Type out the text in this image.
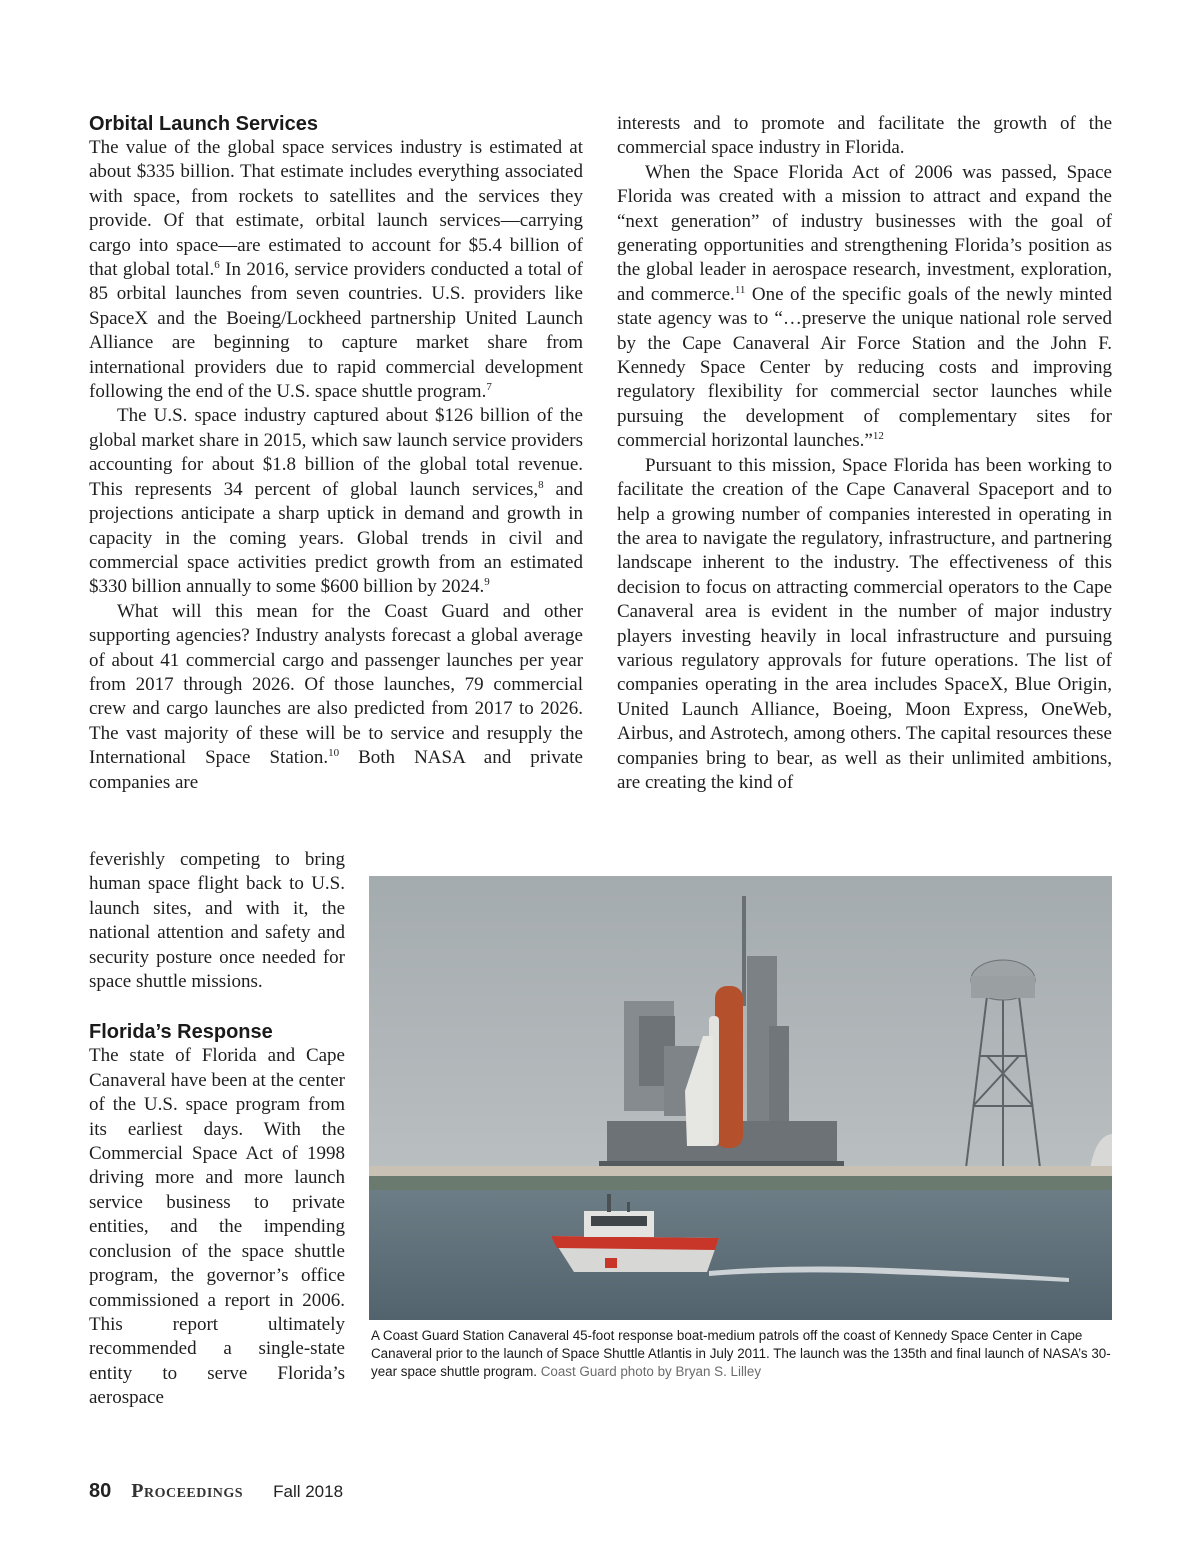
Orbital Launch Services

The value of the global space services industry is estimated at about $335 billion. That estimate includes everything associated with space, from rockets to satellites and the services they provide. Of that estimate, orbital launch services—carrying cargo into space—are estimated to account for $5.4 billion of that global total.$^6$ In 2016, service providers conducted a total of 85 orbital launches from seven countries. U.S. providers like SpaceX and the Boeing/Lockheed partnership United Launch Alliance are beginning to capture market share from international providers due to rapid commercial development following the end of the U.S. space shuttle program.$^7$

The U.S. space industry captured about $126 billion of the global market share in 2015, which saw launch service providers accounting for about $1.8 billion of the global total revenue. This represents 34 percent of global launch services,$^8$ and projections anticipate a sharp uptick in demand and growth in capacity in the coming years. Global trends in civil and commercial space activities predict growth from an estimated $330 billion annually to some $600 billion by 2024.$^9$

What will this mean for the Coast Guard and other supporting agencies? Industry analysts forecast a global average of about 41 commercial cargo and passenger launches per year from 2017 through 2026. Of those launches, 79 commercial crew and cargo launches are also predicted from 2017 to 2026. The vast majority of these will be to service and resupply the International Space Station.$^{10}$ Both NASA and private companies are

feverishly competing to bring human space flight back to U.S. launch sites, and with it, the national attention and safety and security posture once needed for space shuttle missions.

Florida’s Response

The state of Florida and Cape Canaveral have been at the center of the U.S. space program from its earliest days. With the Commercial Space Act of 1998 driving more and more launch service business to private entities, and the impending conclusion of the space shuttle program, the governor’s office commissioned a report in 2006. This report ultimately recommended a single-state entity to serve Florida’s aerospace

interests and to promote and facilitate the growth of the commercial space industry in Florida.

When the Space Florida Act of 2006 was passed, Space Florida was created with a mission to attract and expand the “next generation” of industry businesses with the goal of generating opportunities and strengthening Florida’s position as the global leader in aerospace research, investment, exploration, and commerce.$^{11}$ One of the specific goals of the newly minted state agency was to “…preserve the unique national role served by the Cape Canaveral Air Force Station and the John F. Kennedy Space Center by reducing costs and improving regulatory flexibility for commercial sector launches while pursuing the development of complementary sites for commercial horizontal launches.”$^{12}$

Pursuant to this mission, Space Florida has been working to facilitate the creation of the Cape Canaveral Spaceport and to help a growing number of companies interested in operating in the area to navigate the regulatory, infrastructure, and partnering landscape inherent to the industry. The effectiveness of this decision to focus on attracting commercial operators to the Cape Canaveral area is evident in the number of major industry players investing heavily in local infrastructure and pursuing various regulatory approvals for future operations. The list of companies operating in the area includes SpaceX, Blue Origin, United Launch Alliance, Boeing, Moon Express, OneWeb, Airbus, and Astrotech, among others. The capital resources these companies bring to bear, as well as their unlimited ambitions, are creating the kind of

A Coast Guard Station Canaveral 45-foot response boat-medium patrols off the coast of Kennedy Space Center in Cape Canaveral prior to the launch of Space Shuttle Atlantis in July 2011. The launch was the 135th and final launch of NASA’s 30-year space shuttle program. Coast Guard photo by Bryan S. Lilley
80 Proceedings Fall 2018
